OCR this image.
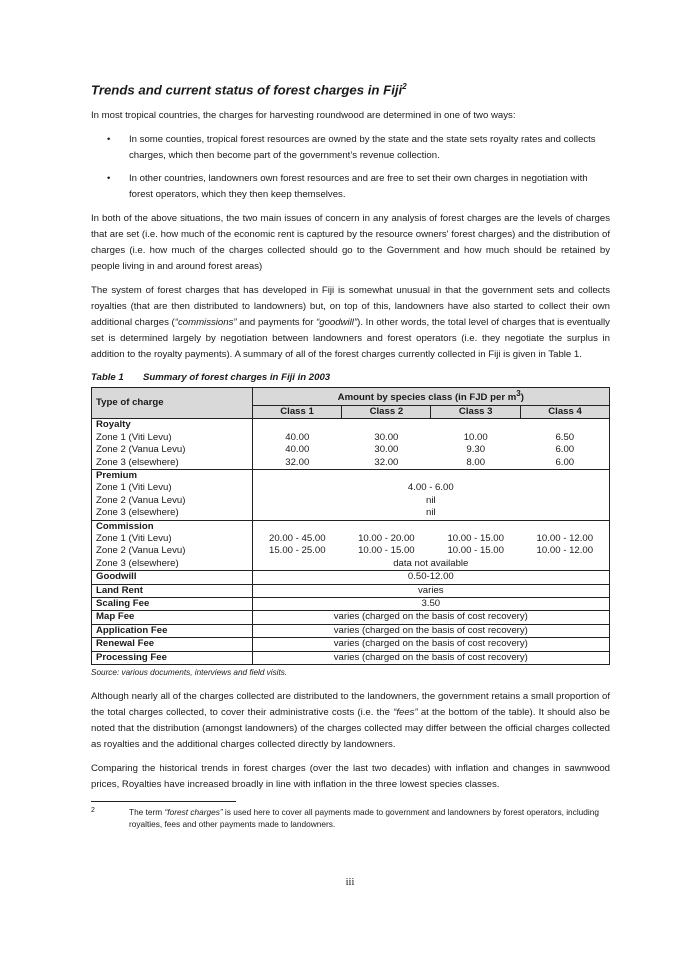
Trends and current status of forest charges in Fiji$^2$

In most tropical countries, the charges for harvesting roundwood are determined in one of two ways:

• In some counties, tropical forest resources are owned by the state and the state sets royalty rates and collects charges, which then become part of the government’s revenue collection.
• In other countries, landowners own forest resources and are free to set their own charges in negotiation with forest operators, which they then keep themselves.

In both of the above situations, the two main issues of concern in any analysis of forest charges are the levels of charges that are set (i.e. how much of the economic rent is captured by the resource owners' forest charges) and the distribution of charges (i.e. how much of the charges collected should go to the Government and how much should be retained by people living in and around forest areas)

The system of forest charges that has developed in Fiji is somewhat unusual in that the government sets and collects royalties (that are then distributed to landowners) but, on top of this, landowners have also started to collect their own additional charges (“commissions” and payments for “goodwill”). In other words, the total level of charges that is eventually set is determined largely by negotiation between landowners and forest operators (i.e. they negotiate the surplus in addition to the royalty payments). A summary of all of the forest charges currently collected in Fiji is given in Table 1.

Table 1 Summary of forest charges in Fiji in 2003
Type of charge	Amount by species class (in FJD per $m^3$)			
	Class 1	Class 2	Class 3	Class 4
Royalty				
Zone 1 (Viti Levu)	40.00	30.00	10.00	6.50
Zone 2 (Vanua Levu)	40.00	30.00	9.30	6.00
Zone 3 (elsewhere)	32.00	32.00	8.00	6.00
Premium				
Zone 1 (Viti Levu)	4.00 - 6.00			
Zone 2 (Vanua Levu)	nil			
Zone 3 (elsewhere)	nil			
Commission				
Zone 1 (Viti Levu)	20.00 - 45.00	10.00 - 20.00	10.00 - 15.00	10.00 - 12.00
Zone 2 (Vanua Levu)	15.00 - 25.00	10.00 - 15.00	10.00 - 15.00	10.00 - 12.00
Zone 3 (elsewhere)	data not available			
Goodwill	0.50-12.00			
Land Rent	varies			
Scaling Fee	3.50			
Map Fee	varies (charged on the basis of cost recovery)			
Application Fee	varies (charged on the basis of cost recovery)			
Renewal Fee	varies (charged on the basis of cost recovery)			
Processing Fee	varies (charged on the basis of cost recovery)			
Source: various documents, interviews and field visits.

Although nearly all of the charges collected are distributed to the landowners, the government retains a small proportion of the total charges collected, to cover their administrative costs (i.e. the “fees” at the bottom of the table). It should also be noted that the distribution (amongst landowners) of the charges collected may differ between the official charges collected as royalties and the additional charges collected directly by landowners.

Comparing the historical trends in forest charges (over the last two decades) with inflation and changes in sawnwood prices, Royalties have increased broadly in line with inflation in the three lowest species classes.

2	The term “forest charges” is used here to cover all payments made to government and landowners by forest operators, including royalties, fees and other payments made to landowners.
iii
